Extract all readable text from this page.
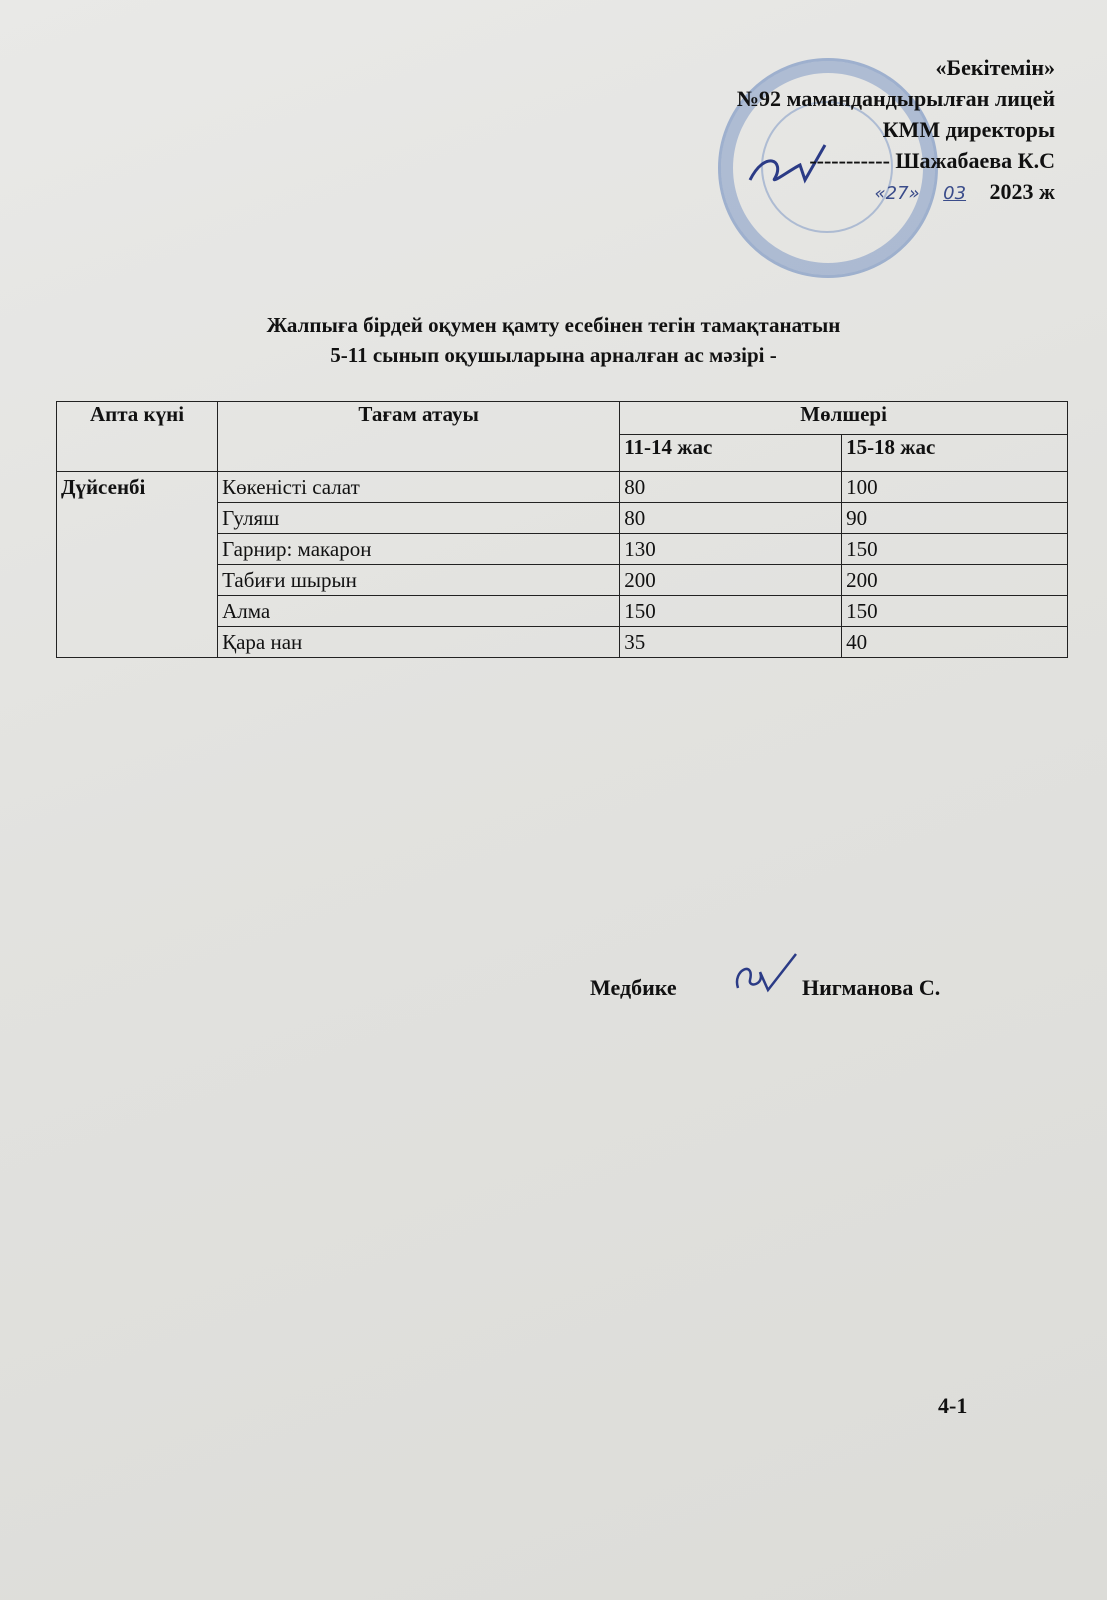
«Бекітемін»
№92 мамандандырылған лицей
КММ директоры
----------- Шажабаева К.С
«27» 03 2023 ж
Жалпыға бірдей оқумен қамту есебінен тегін тамақтанатын
5-11 сынып оқушыларына арналған ас мәзірі -
Апта күні	Тағам атауы	Мөлшері	
		11-14 жас	15-18 жас
Дүйсенбі	Көкеністі салат	80	100
	Гуляш	80	90
	Гарнир: макарон	130	150
	Табиғи шырын	200	200
	Алма	150	150
	Қара нан	35	40
Медбике	Нигманова С.
4-1
